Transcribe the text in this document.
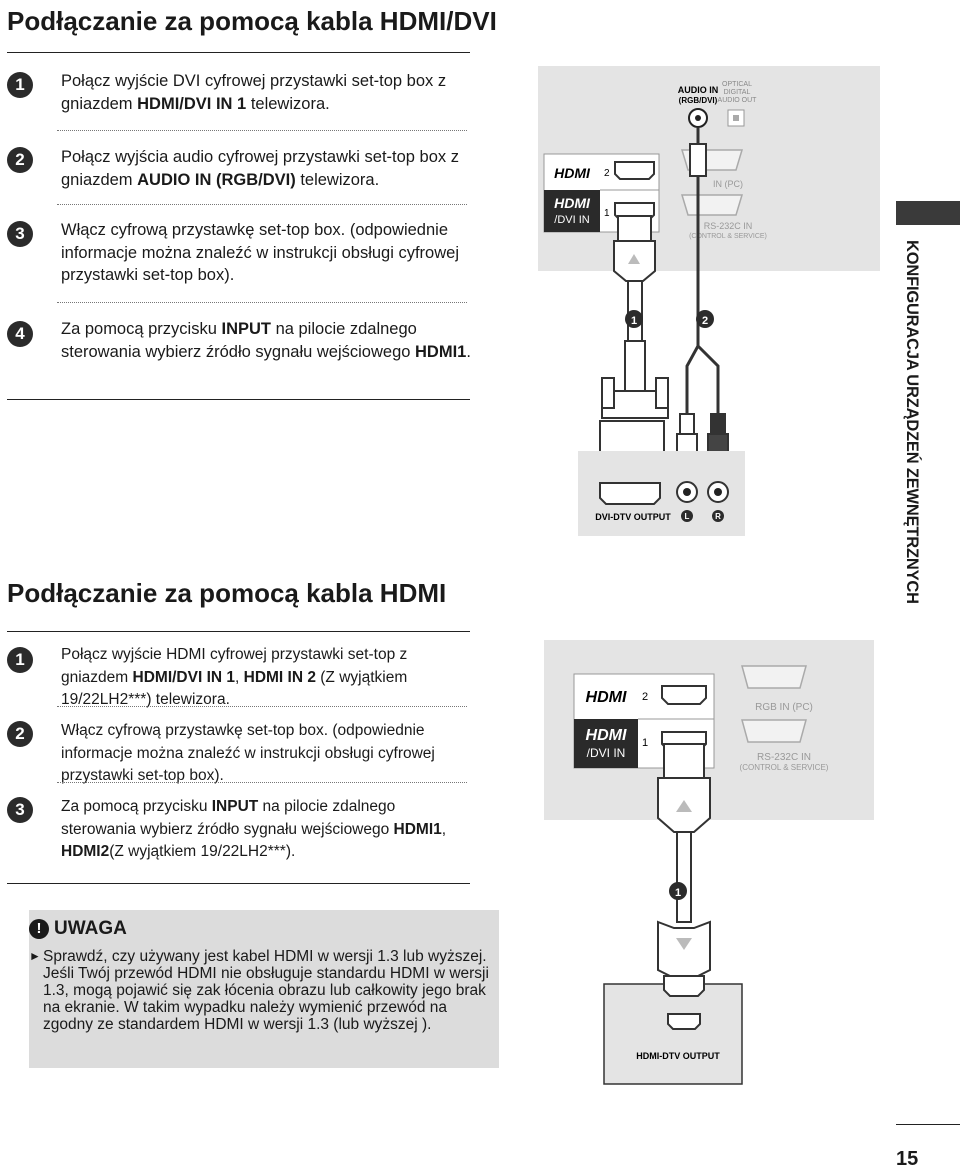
Podłączanie za pomocą kabla HDMI/DVI
1	Połącz wyjście DVI cyfrowej przystawki set-top box z gniazdem HDMI/DVI IN 1 telewizora.
2	Połącz wyjścia audio cyfrowej przystawki set-top box z gniazdem AUDIO IN (RGB/DVI) telewizora.
3	Włącz cyfrową przystawkę set-top box. (odpowiednie informacje można znaleźć w instrukcji obsługi cyfrowej przystawki set-top box).
4	Za pomocą przycisku INPUT na pilocie zdalnego sterowania wybierz źródło sygnału wejściowego HDMI1.
AUDIO IN
(RGB/DVI)
OPTICAL
DIGITAL
AUDIO OUT
HDMI
HDMI
/DVI IN
2
1
IN (PC)
RS-232C IN
(CONTROL & SERVICE)
1	2
DVI-DTV OUTPUT L	R	KONFIGURACJA URZĄDZEŃ ZEWNĘTRZNYCH
Podłączanie za pomocą kabla HDMI
1	Połącz wyjście HDMI cyfrowej przystawki set-top z gniazdem HDMI/DVI IN 1, HDMI IN 2 (Z wyjątkiem 19/22LH2***) telewizora.
2	Włącz cyfrową przystawkę set-top box. (odpowiednie informacje można znaleźć w instrukcji obsługi cyfrowej przystawki set-top box).
3	Za pomocą przycisku INPUT na pilocie zdalnego sterowania wybierz źródło sygnału wejściowego HDMI1, HDMI2(Z wyjątkiem 19/22LH2***).
HDMI
HDMI
/DVI IN
2
1
RGB IN (PC)
RS-232C IN
(CONTROL & SERVICE)
1
HDMI-DTV OUTPUT
! UWAGA
► Sprawdź, czy używany jest kabel HDMI w wersji 1.3 lub wyższej. Jeśli Twój przewód HDMI nie obsługuje standardu HDMI w wersji 1.3, mogą pojawić się zak łócenia obrazu lub całkowity jego brak na ekranie. W takim wypadku należy wymienić przewód na zgodny ze standardem HDMI w wersji 1.3 (lub wyższej ).
15
